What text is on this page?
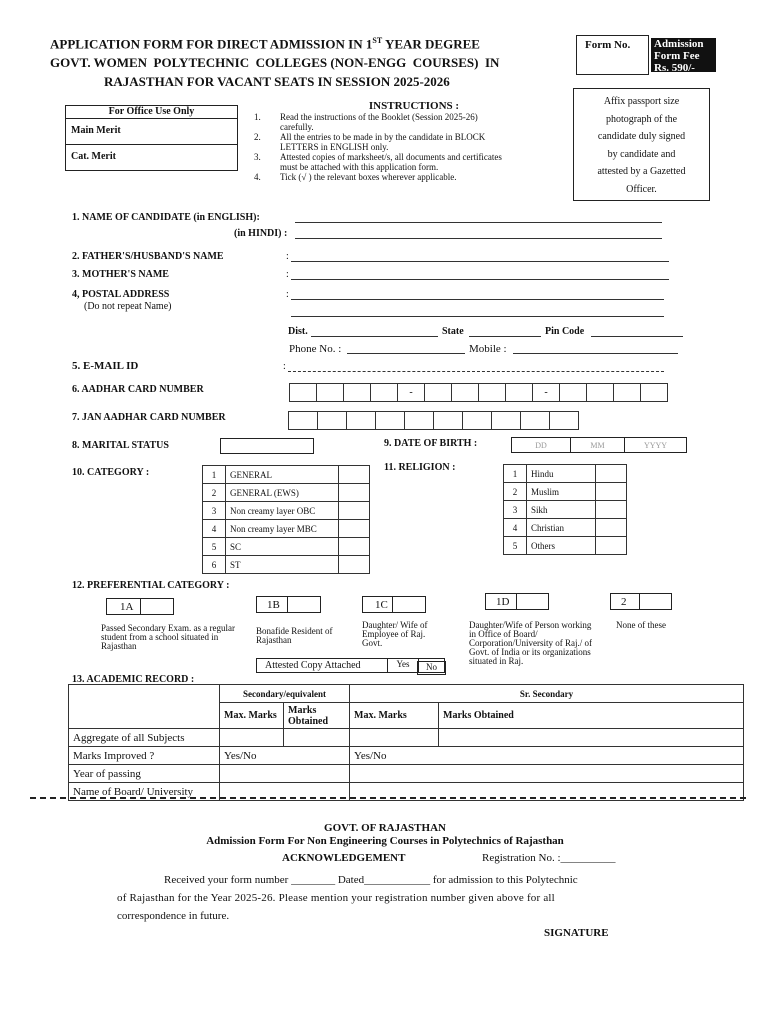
APPLICATION FORM FOR DIRECT ADMISSION IN 1ST YEAR DEGREE
GOVT. WOMEN  POLYTECHNIC  COLLEGES (NON-ENGG  COURSES)  IN
RAJASTHAN FOR VACANT SEATS IN SESSION 2025-2026
Form No.	Admission
Form Fee
Rs. 590/-
For Office Use Only
Main Merit
Cat. Merit
INSTRUCTIONS :
1.	Read the instructions of the Booklet (Session 2025-26) carefully.
2.	All the entries to be made in by the candidate in BLOCK LETTERS in ENGLISH only.
3.	Attested copies of marksheet/s, all documents and certificates must be attached with this application form.
4.	Tick (√ ) the relevant boxes wherever applicable.
Affix passport size
photograph of the
candidate duly signed
by candidate and
attested by a Gazetted
Officer.
1. NAME OF CANDIDATE (in ENGLISH):
(in HINDI) :
2. FATHER'S/HUSBAND'S NAME	:
3. MOTHER'S NAME	:
4, POSTAL ADDRESS
(Do not repeat Name)
:
Dist.	State	Pin Code
Phone No. :	Mobile :
5. E-MAIL ID	:
6. AADHAR CARD NUMBER
					-					-				
7. JAN AADHAR CARD NUMBER

8. MARITAL STATUS	9. DATE OF BIRTH :	DD	MM	YYYY
10. CATEGORY :	1	GENERAL	
2	GENERAL (EWS)	
3	Non creamy layer OBC	
4	Non creamy layer MBC	
5	SC	
6	ST	
11. RELIGION :
1	Hindu	
2	Muslim	
3	Sikh	
4	Christian	
5	Others	
12. PREFERENTIAL CATEGORY :
1A	1B	1C	1D	2
Passed Secondary Exam. as a regular student from a school situated in Rajasthan
Bonafide Resident of Rajasthan
Daughter/ Wife of Employee of Raj. Govt.
Daughter/Wife of Person working in Office of Board/ Corporation/University of Raj./ of Govt. of India or its organizations situated in Raj.
None of these
Attested Copy Attached	Yes	No
13. ACADEMIC RECORD :
	Secondary/equivalent		Sr. Secondary	
	Max. Marks	Marks Obtained	Max. Marks	Marks Obtained
Aggregate of all Subjects				
Marks Improved ?	Yes/No		Yes/No	
Year of passing				
Name of Board/ University				
GOVT. OF RAJASTHAN
Admission Form For Non Engineering Courses in Polytechnics of Rajasthan
ACKNOWLEDGEMENT	Registration No. :__________
Received your form number ________ Dated____________ for admission to this Polytechnic
of Rajasthan for the Year 2025-26. Please mention your registration number given above for all
correspondence in future.
SIGNATURE
